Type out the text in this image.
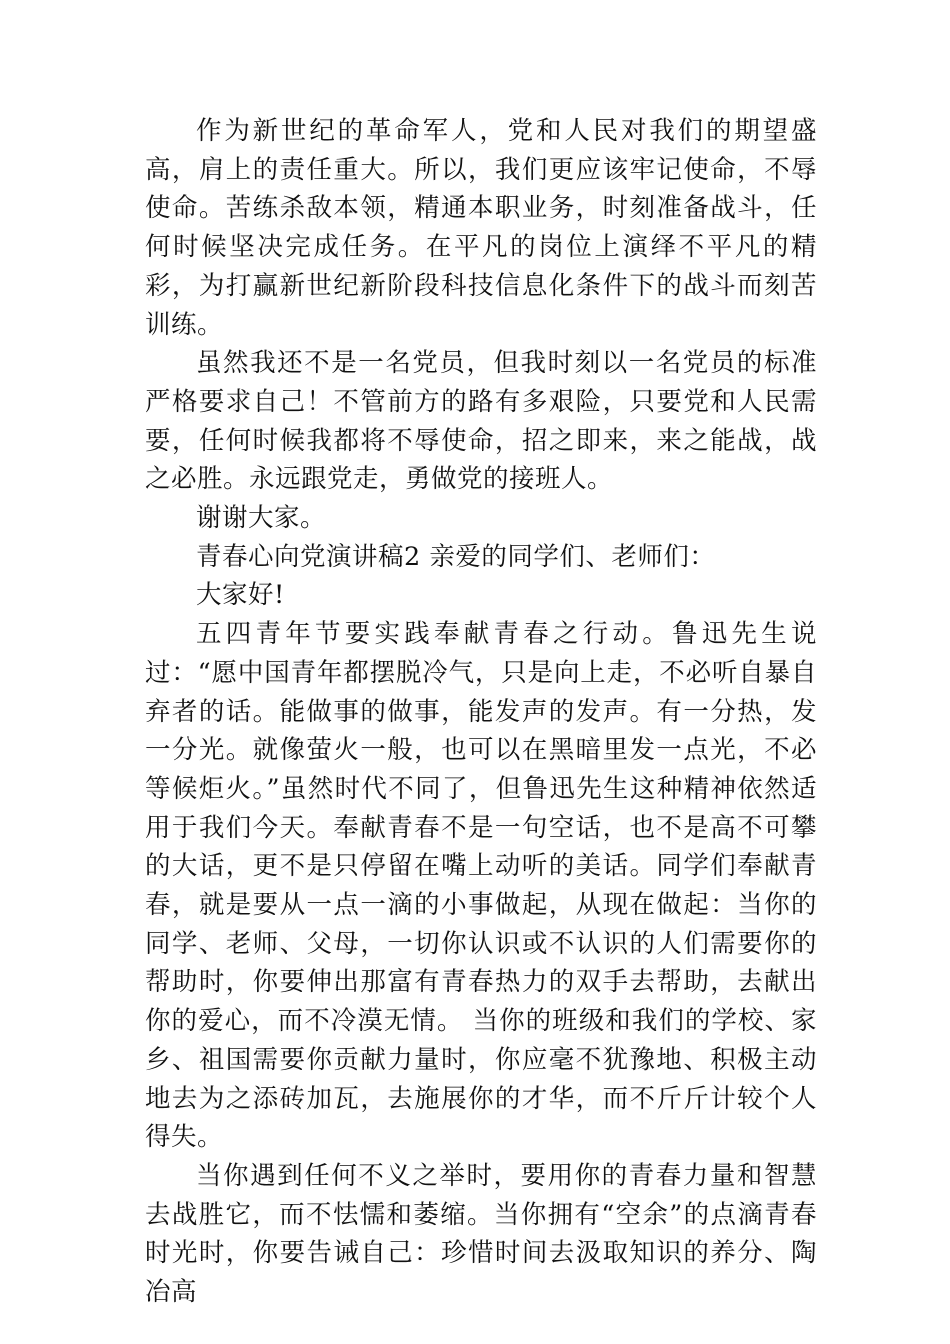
作为新世纪的革命军人，党和人民对我们的期望盛高，肩上的责任重大。所以，我们更应该牢记使命，不辱使命。苦练杀敌本领，精通本职业务，时刻准备战斗，任何时候坚决完成任务。在平凡的岗位上演绎不平凡的精彩，为打赢新世纪新阶段科技信息化条件下的战斗而刻苦训练。

虽然我还不是一名党员，但我时刻以一名党员的标准严格要求自己！不管前方的路有多艰险，只要党和人民需要，任何时候我都将不辱使命，招之即来，来之能战，战之必胜。永远跟党走，勇做党的接班人。

谢谢大家。

青春心向党演讲稿2 亲爱的同学们、老师们：

大家好!

五四青年节要实践奉献青春之行动。鲁迅先生说过：“愿中国青年都摆脱冷气，只是向上走，不必听自暴自弃者的话。能做事的做事，能发声的发声。有一分热，发一分光。就像萤火一般，也可以在黑暗里发一点光，不必等候炬火。”虽然时代不同了，但鲁迅先生这种精神依然适用于我们今天。奉献青春不是一句空话，也不是高不可攀的大话，更不是只停留在嘴上动听的美话。同学们奉献青春，就是要从一点一滴的小事做起，从现在做起：当你的同学、老师、父母，一切你认识或不认识的人们需要你的帮助时，你要伸出那富有青春热力的双手去帮助，去献出你的爱心，而不冷漠无情。 当你的班级和我们的学校、家乡、祖国需要你贡献力量时，你应毫不犹豫地、积极主动地去为之添砖加瓦，去施展你的才华，而不斤斤计较个人得失。

当你遇到任何不义之举时，要用你的青春力量和智慧去战胜它，而不怯懦和萎缩。当你拥有“空余”的点滴青春时光时，你要告诫自己：珍惜时间去汲取知识的养分、陶冶高
